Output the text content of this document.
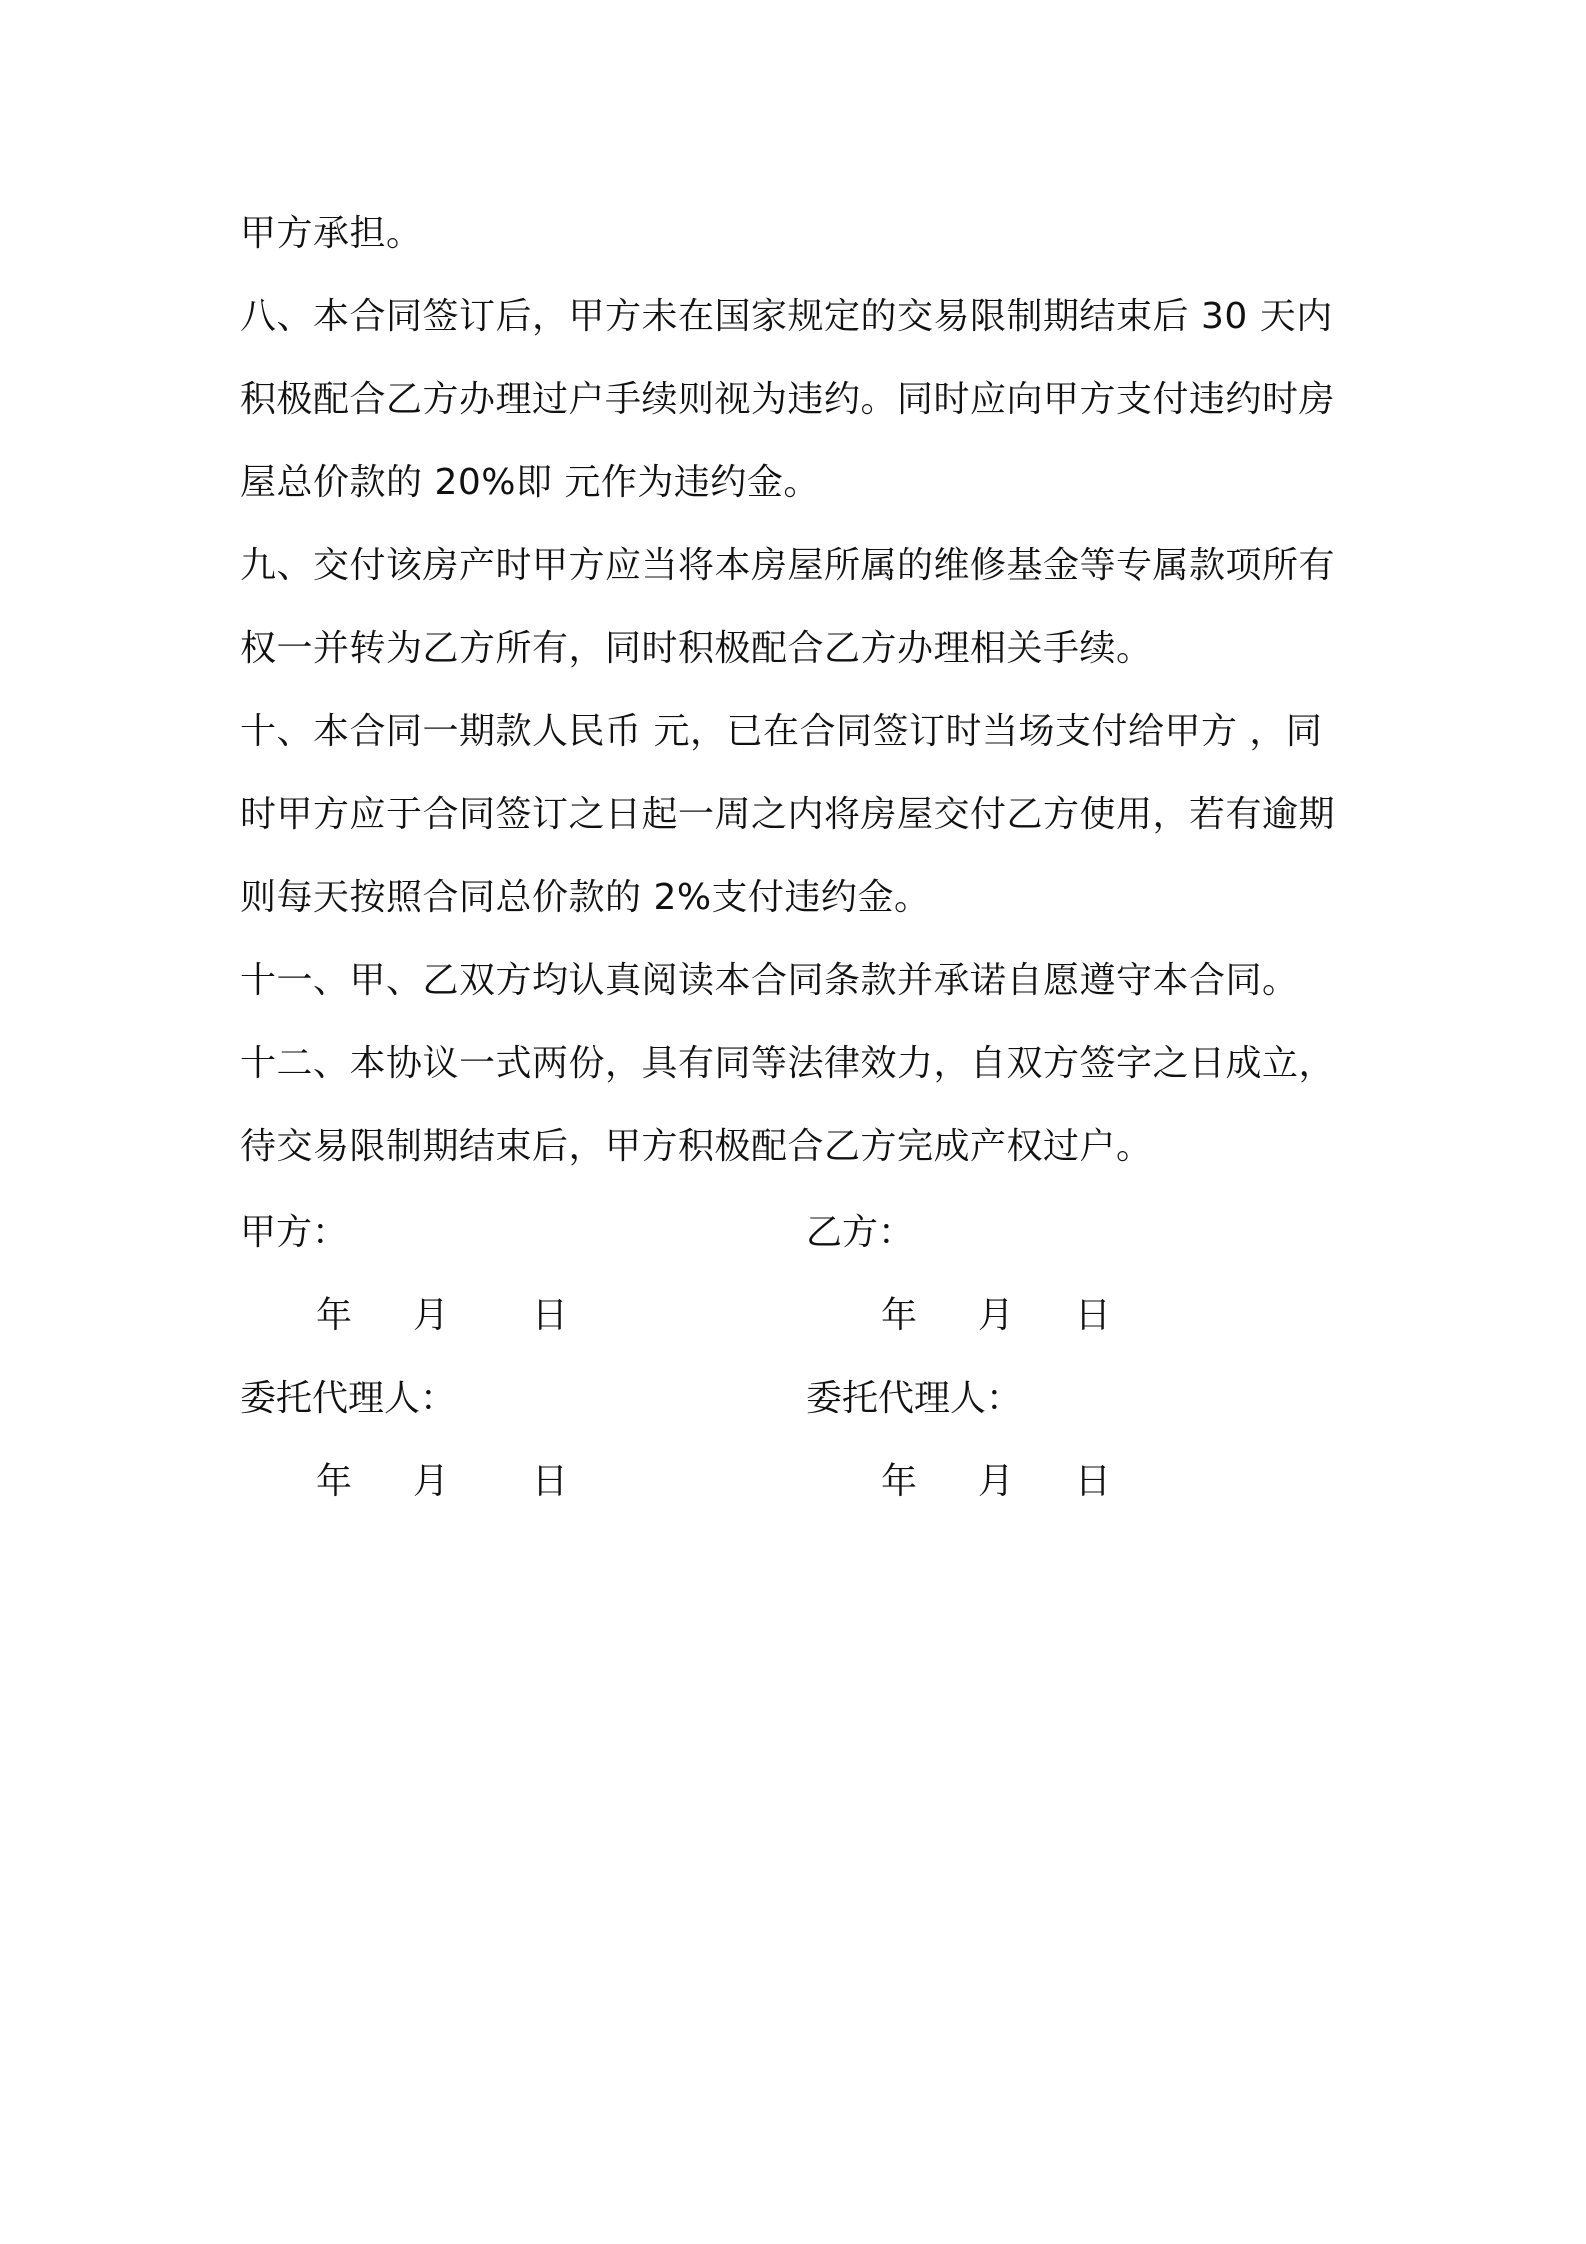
甲方承担。

八、本合同签订后，甲方未在国家规定的交易限制期结束后 30 天内积极配合乙方办理过户手续则视为违约。同时应向甲方支付违约时房屋总价款的 20%即 元作为违约金。

九、交付该房产时甲方应当将本房屋所属的维修基金等专属款项所有权一并转为乙方所有，同时积极配合乙方办理相关手续。

十、本合同一期款人民币 元，已在合同签订时当场支付给甲方 ，同时甲方应于合同签订之日起一周之内将房屋交付乙方使用，若有逾期则每天按照合同总价款的 2%支付违约金。

十一、甲、乙双方均认真阅读本合同条款并承诺自愿遵守本合同。

十二、本协议一式两份，具有同等法律效力，自双方签字之日成立，待交易限制期结束后，甲方积极配合乙方完成产权过户。

甲方：	乙方：
年 月 日	年 月 日
委托代理人：	委托代理人：
年 月 日	年 月 日
